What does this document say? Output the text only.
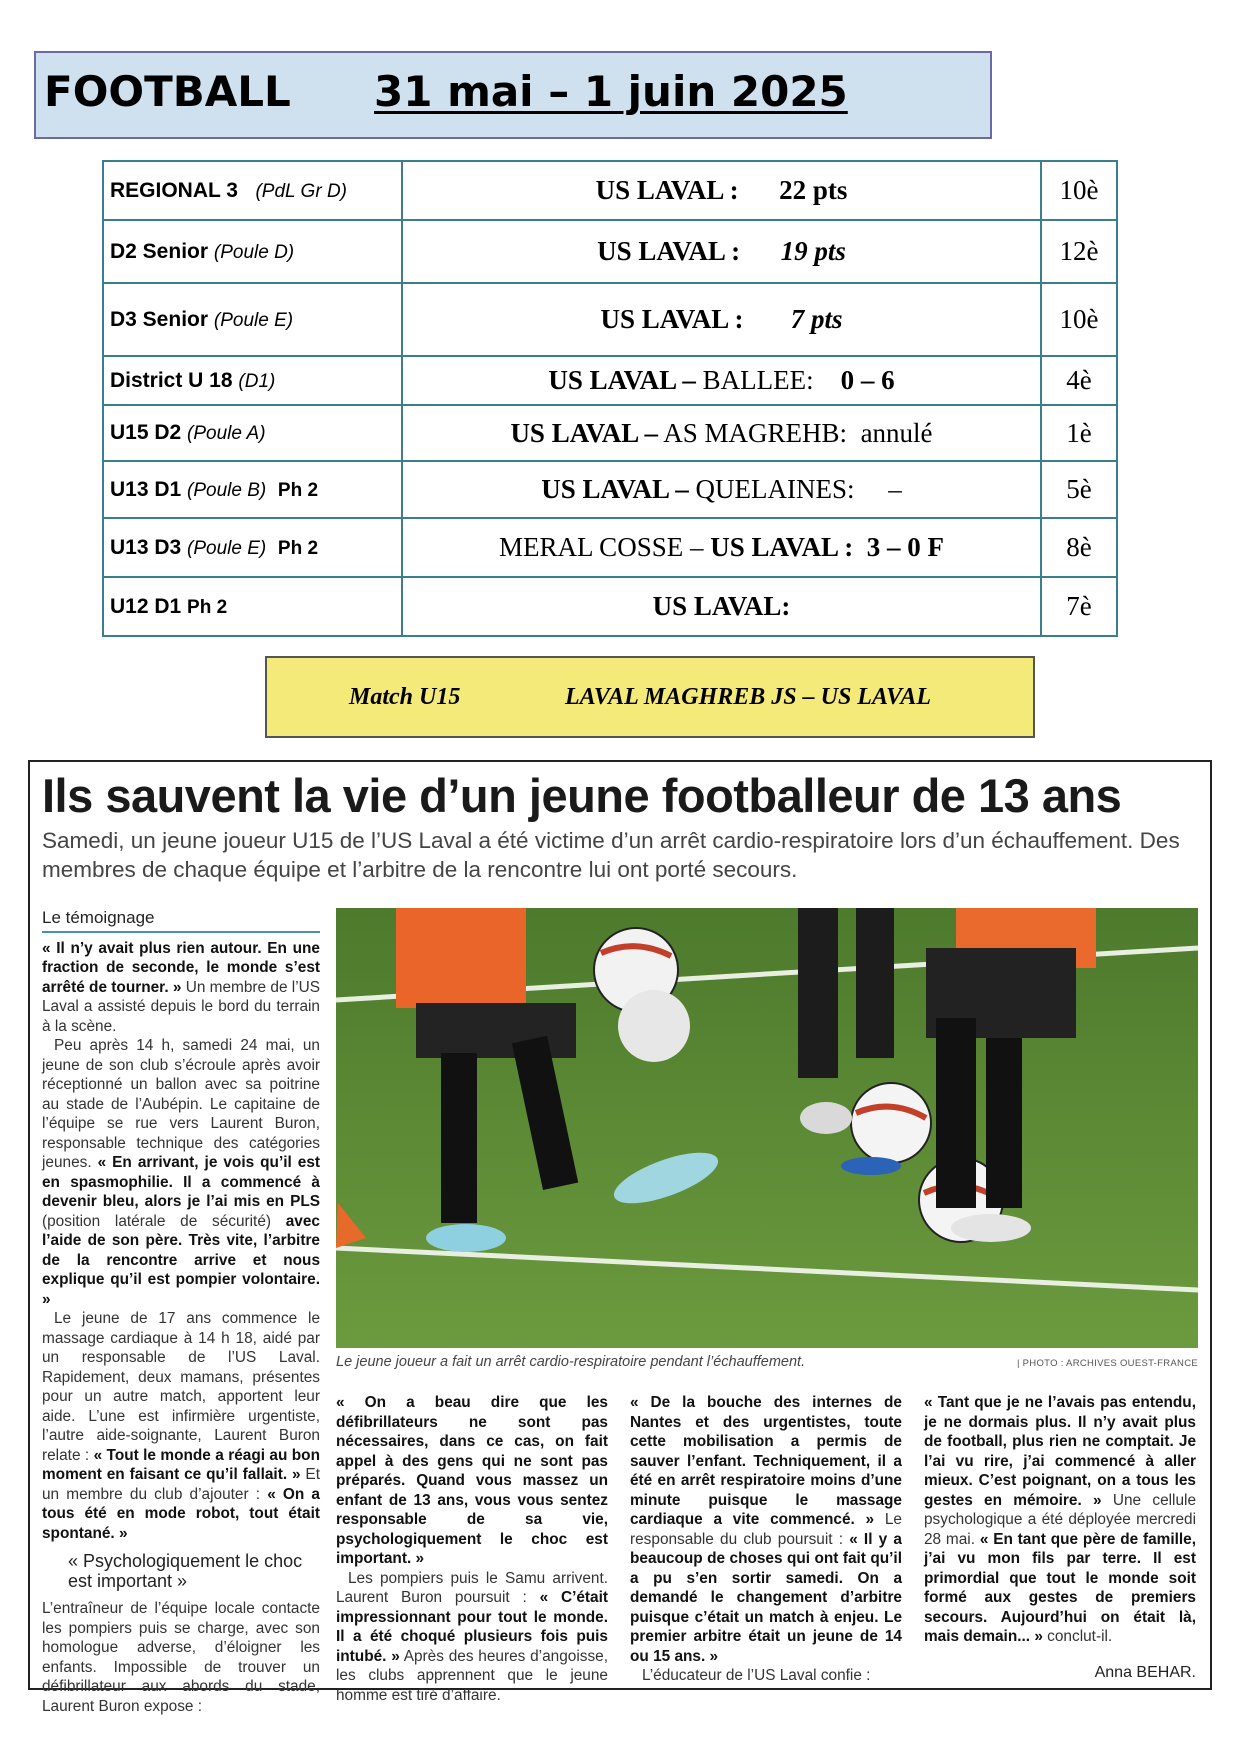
FOOTBALL 31 mai – 1 juin 2025
REGIONAL 3 (PdL Gr D)	US LAVAL : 22 pts	10è
D2 Senior (Poule D)	US LAVAL : 19 pts	12è
D3 Senior (Poule E)	US LAVAL : 7 pts	10è
District U 18 (D1)	US LAVAL – BALLEE: 0 – 6	4è
U15 D2 (Poule A)	US LAVAL – AS MAGREHB: annulé	1è
U13 D1 (Poule B) Ph 2	US LAVAL – QUELAINES: –	5è
U13 D3 (Poule E) Ph 2	MERAL COSSE – US LAVAL : 3 – 0 F	8è
U12 D1 Ph 2	US LAVAL:	7è
Match U15	LAVAL MAGHREB JS – US LAVAL
Ils sauvent la vie d’un jeune footballeur de 13 ans

Samedi, un jeune joueur U15 de l’US Laval a été victime d’un arrêt cardio-respiratoire lors d’un échauffement. Des membres de chaque équipe et l’arbitre de la rencontre lui ont porté secours.

Le témoignage

« Il n’y avait plus rien autour. En une fraction de seconde, le monde s’est arrêté de tourner. » Un membre de l’US Laval a assisté depuis le bord du terrain à la scène.

Peu après 14 h, samedi 24 mai, un jeune de son club s’écroule après avoir réceptionné un ballon avec sa poitrine au stade de l’Aubépin. Le capitaine de l’équipe se rue vers Laurent Buron, responsable technique des catégories jeunes. « En arrivant, je vois qu’il est en spasmophilie. Il a commencé à devenir bleu, alors je l’ai mis en PLS (position latérale de sécurité) avec l’aide de son père. Très vite, l’arbitre de la rencontre arrive et nous explique qu’il est pompier volontaire. »

Le jeune de 17 ans commence le massage cardiaque à 14 h 18, aidé par un responsable de l’US Laval. Rapidement, deux mamans, présentes pour un autre match, apportent leur aide. L’une est infirmière urgentiste, l’autre aide-soignante, Laurent Buron relate : « Tout le monde a réagi au bon moment en faisant ce qu’il fallait. » Et un membre du club d’ajouter : « On a tous été en mode robot, tout était spontané. »

« Psychologiquement le choc est important »

L’entraîneur de l’équipe locale contacte les pompiers puis se charge, avec son homologue adverse, d’éloigner les enfants. Impossible de trouver un défibrillateur aux abords du stade, Laurent Buron expose :

Le jeune joueur a fait un arrêt cardio-respiratoire pendant l’échauffement.	| PHOTO : ARCHIVES OUEST-FRANCE

« On a beau dire que les défibrillateurs ne sont pas nécessaires, dans ce cas, on fait appel à des gens qui ne sont pas préparés. Quand vous massez un enfant de 13 ans, vous vous sentez responsable de sa vie, psychologiquement le choc est important. »

Les pompiers puis le Samu arrivent. Laurent Buron poursuit : « C’était impressionnant pour tout le monde. Il a été choqué plusieurs fois puis intubé. » Après des heures d’angoisse, les clubs apprennent que le jeune homme est tiré d’affaire.

« De la bouche des internes de Nantes et des urgentistes, toute cette mobilisation a permis de sauver l’enfant. Techniquement, il a été en arrêt respiratoire moins d’une minute puisque le massage cardiaque a vite commencé. » Le responsable du club poursuit : « Il y a beaucoup de choses qui ont fait qu’il a pu s’en sortir samedi. On a demandé le changement d’arbitre puisque c’était un match à enjeu. Le premier arbitre était un jeune de 14 ou 15 ans. »

L’éducateur de l’US Laval confie :

« Tant que je ne l’avais pas entendu, je ne dormais plus. Il n’y avait plus de football, plus rien ne comptait. Je l’ai vu rire, j’ai commencé à aller mieux. C’est poignant, on a tous les gestes en mémoire. » Une cellule psychologique a été déployée mercredi 28 mai. « En tant que père de famille, j’ai vu mon fils par terre. Il est primordial que tout le monde soit formé aux gestes de premiers secours. Aujourd’hui on était là, mais demain... » conclut-il.

Anna BEHAR.
